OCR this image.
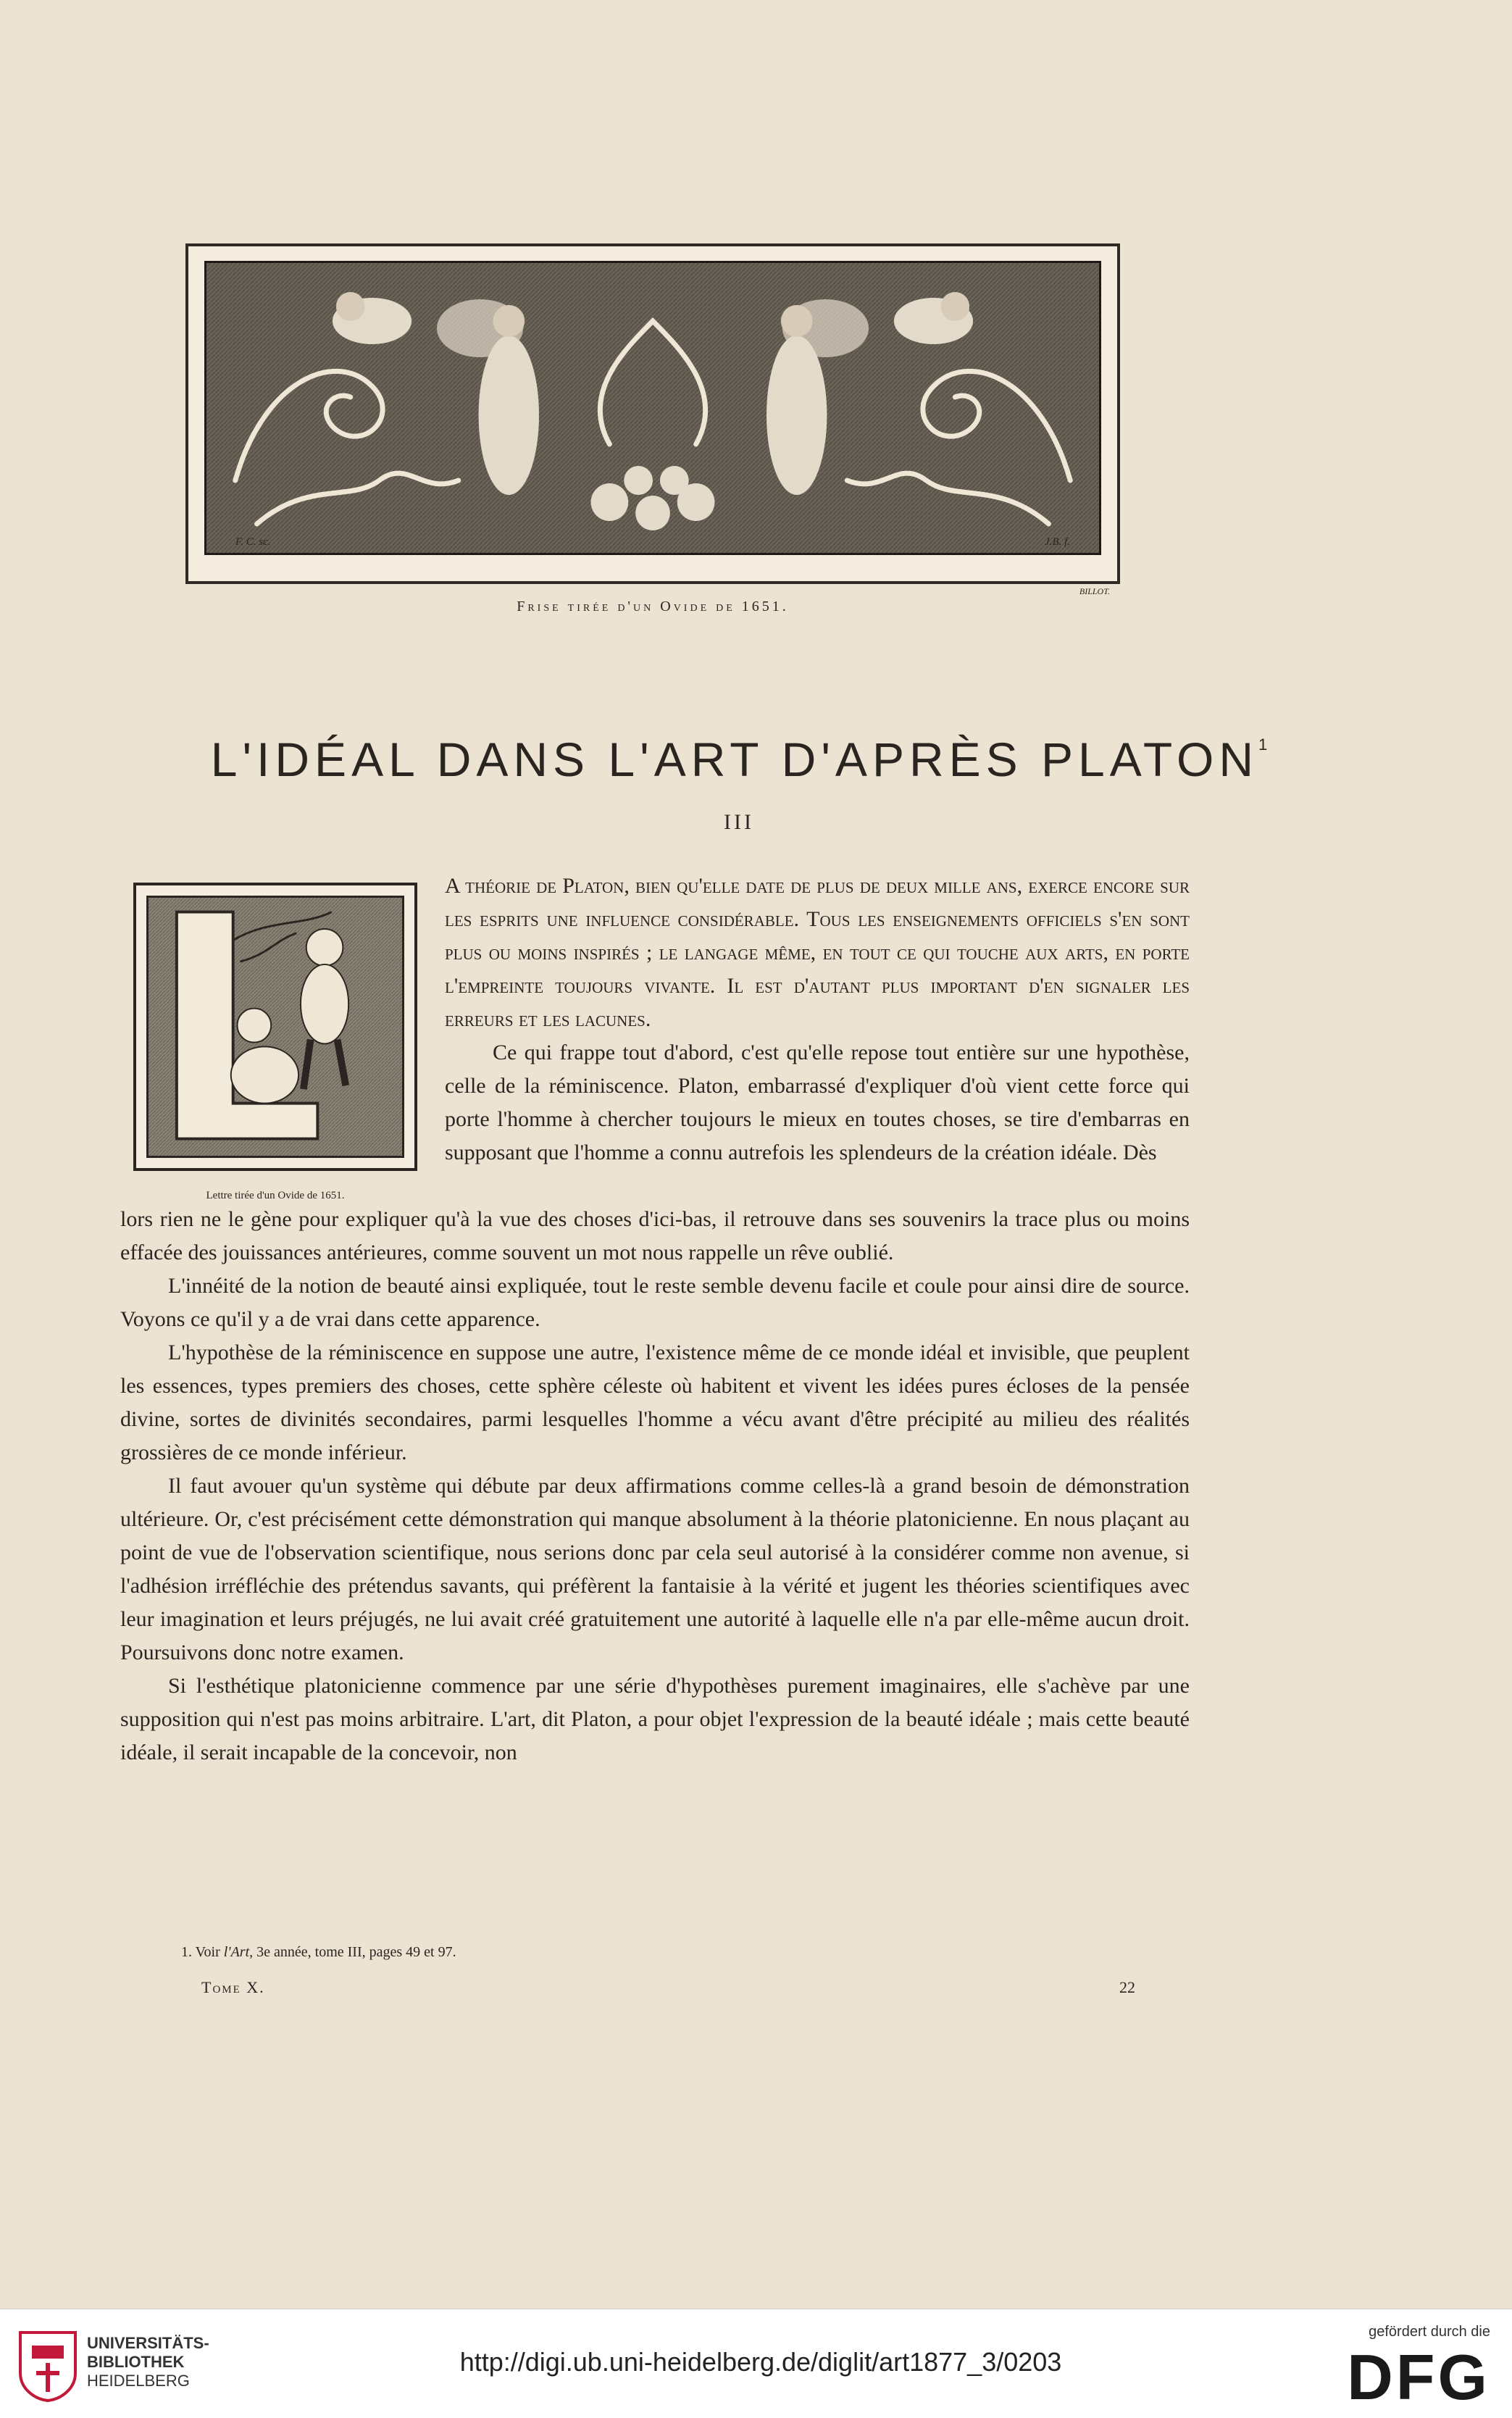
F. C. sc.	J.B. f.
BILLOT.
Frise tirée d'un Ovide de 1651.
L'IDÉAL DANS L'ART D'APRÈS PLATON$^1$
III
Lettre tirée d'un Ovide de 1651.

A théorie de Platon, bien qu'elle date de plus de deux mille ans, exerce encore sur les esprits une influence considérable. Tous les enseignements officiels s'en sont plus ou moins inspirés ; le langage même, en tout ce qui touche aux arts, en porte l'empreinte toujours vivante. Il est d'autant plus important d'en signaler les erreurs et les lacunes.

Ce qui frappe tout d'abord, c'est qu'elle repose tout entière sur une hypothèse, celle de la réminiscence. Platon, embarrassé d'expliquer d'où vient cette force qui porte l'homme à chercher toujours le mieux en toutes choses, se tire d'embarras en supposant que l'homme a connu autrefois les splendeurs de la création idéale. Dès

lors rien ne le gène pour expliquer qu'à la vue des choses d'ici-bas, il retrouve dans ses souvenirs la trace plus ou moins effacée des jouissances antérieures, comme souvent un mot nous rappelle un rêve oublié.

L'innéité de la notion de beauté ainsi expliquée, tout le reste semble devenu facile et coule pour ainsi dire de source. Voyons ce qu'il y a de vrai dans cette apparence.

L'hypothèse de la réminiscence en suppose une autre, l'existence même de ce monde idéal et invisible, que peuplent les essences, types premiers des choses, cette sphère céleste où habitent et vivent les idées pures écloses de la pensée divine, sortes de divinités secondaires, parmi lesquelles l'homme a vécu avant d'être précipité au milieu des réalités grossières de ce monde inférieur.

Il faut avouer qu'un système qui débute par deux affirmations comme celles-là a grand besoin de démonstration ultérieure. Or, c'est précisément cette démonstration qui manque absolument à la théorie platonicienne. En nous plaçant au point de vue de l'observation scientifique, nous serions donc par cela seul autorisé à la considérer comme non avenue, si l'adhésion irréfléchie des prétendus savants, qui préfèrent la fantaisie à la vérité et jugent les théories scientifiques avec leur imagination et leurs préjugés, ne lui avait créé gratuitement une autorité à laquelle elle n'a par elle-même aucun droit. Poursuivons donc notre examen.

Si l'esthétique platonicienne commence par une série d'hypothèses purement imaginaires, elle s'achève par une supposition qui n'est pas moins arbitraire. L'art, dit Platon, a pour objet l'expression de la beauté idéale ; mais cette beauté idéale, il serait incapable de la concevoir, non

1. Voir l'Art, 3e année, tome III, pages 49 et 97.
Tome X.	22
UNIVERSITÄTS-
BIBLIOTHEK
HEIDELBERG
http://digi.ub.uni-heidelberg.de/diglit/art1877_3/0203
gefördert durch die
DFG
